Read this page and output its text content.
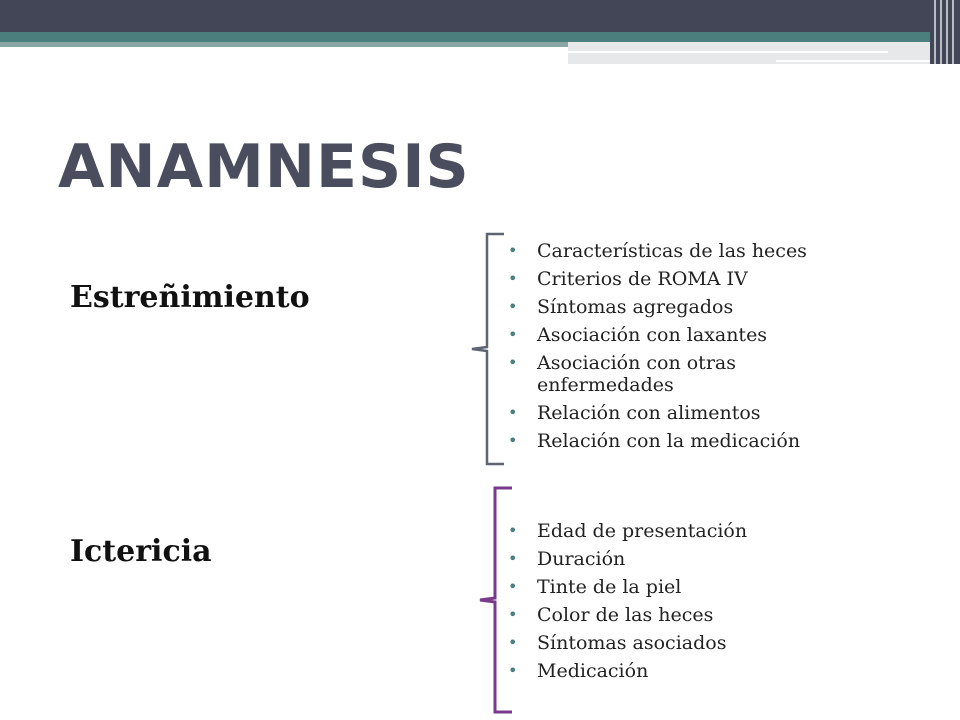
ANAMNESIS
Estreñimiento
• Características de las heces
• Criterios de ROMA IV
• Síntomas agregados
• Asociación con laxantes
• Asociación con otras enfermedades
• Relación con alimentos
• Relación con la medicación
Ictericia
• Edad de presentación
• Duración
• Tinte de la piel
• Color de las heces
• Síntomas asociados
• Medicación
